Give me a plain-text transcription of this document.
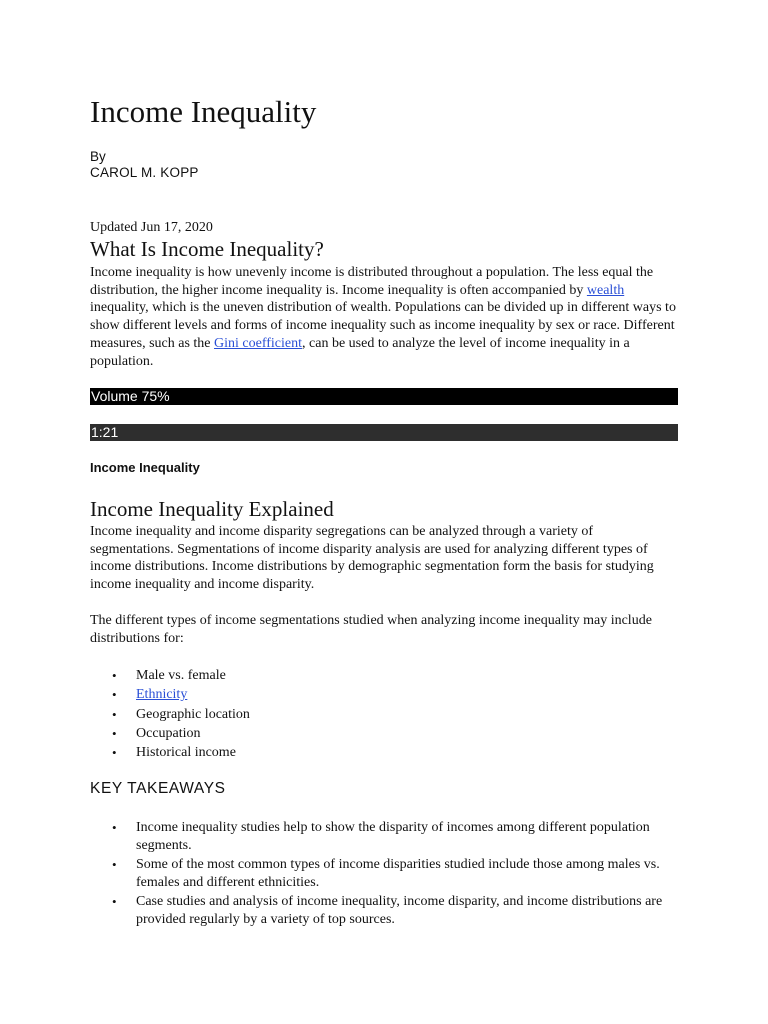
Income Inequality
By
CAROL M. KOPP
Updated Jun 17, 2020
What Is Income Inequality?

Income inequality is how unevenly income is distributed throughout a population. The less equal the distribution, the higher income inequality is. Income inequality is often accompanied by wealth inequality, which is the uneven distribution of wealth. Populations can be divided up in different ways to show different levels and forms of income inequality such as income inequality by sex or race. Different measures, such as the Gini coefficient, can be used to analyze the level of income inequality in a population.

Volume 75%
1:21
Income Inequality
Income Inequality Explained

Income inequality and income disparity segregations can be analyzed through a variety of segmentations. Segmentations of income disparity analysis are used for analyzing different types of income distributions. Income distributions by demographic segmentation form the basis for studying income inequality and income disparity.

The different types of income segmentations studied when analyzing income inequality may include distributions for:

• Male vs. female
• Ethnicity
• Geographic location
• Occupation
• Historical income
KEY TAKEAWAYS
• Income inequality studies help to show the disparity of incomes among different population segments.
• Some of the most common types of income disparities studied include those among males vs. females and different ethnicities.
• Case studies and analysis of income inequality, income disparity, and income distributions are provided regularly by a variety of top sources.
